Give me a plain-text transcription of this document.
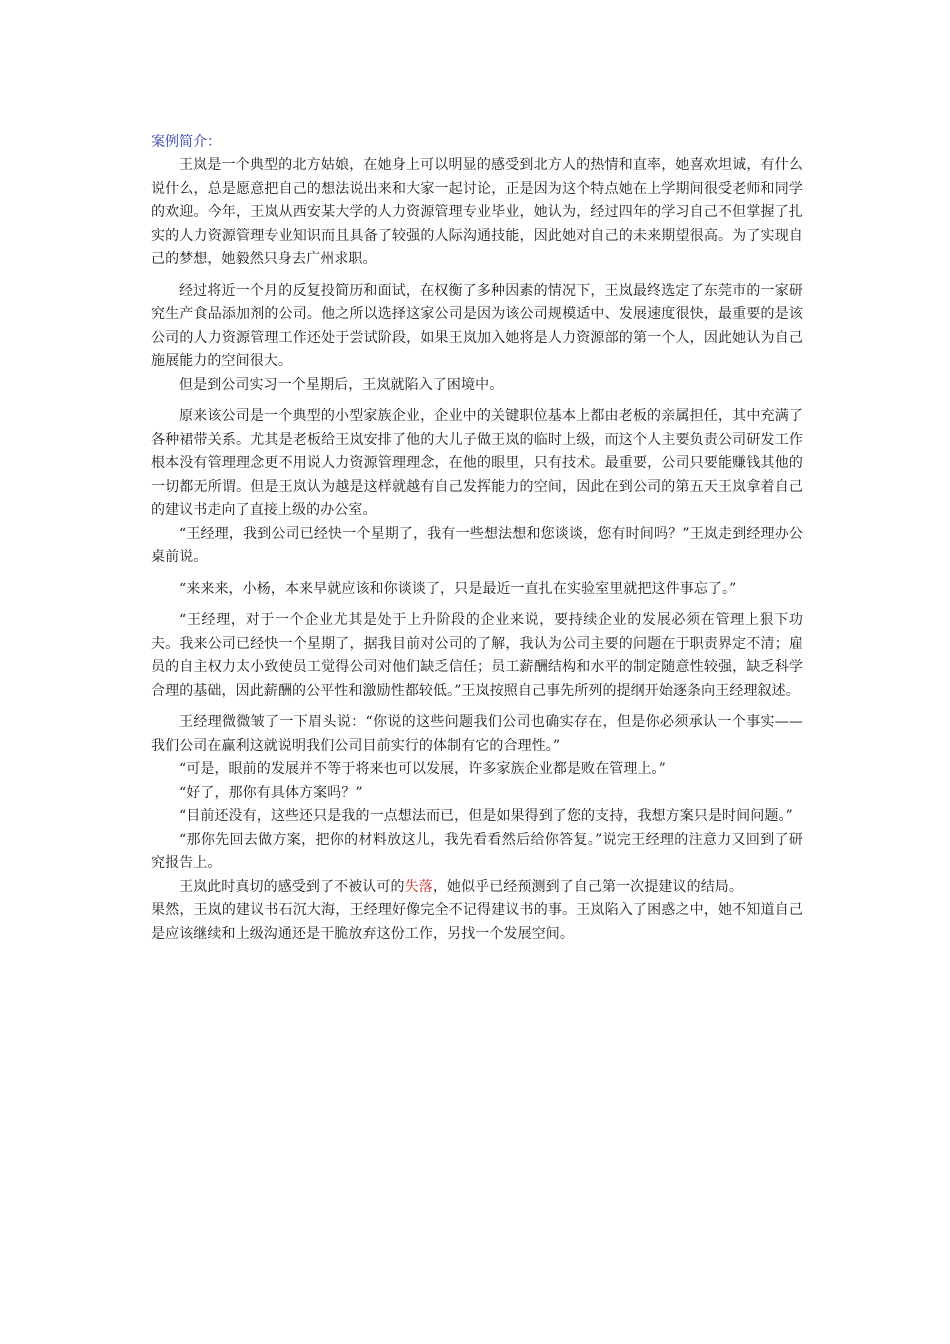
案例简介：

王岚是一个典型的北方姑娘，在她身上可以明显的感受到北方人的热情和直率，她喜欢坦诚，有什么说什么，总是愿意把自己的想法说出来和大家一起讨论，正是因为这个特点她在上学期间很受老师和同学的欢迎。今年，王岚从西安某大学的人力资源管理专业毕业，她认为，经过四年的学习自己不但掌握了扎实的人力资源管理专业知识而且具备了较强的人际沟通技能，因此她对自己的未来期望很高。为了实现自己的梦想，她毅然只身去广州求职。

经过将近一个月的反复投简历和面试，在权衡了多种因素的情况下，王岚最终选定了东莞市的一家研究生产食品添加剂的公司。他之所以选择这家公司是因为该公司规模适中、发展速度很快，最重要的是该公司的人力资源管理工作还处于尝试阶段，如果王岚加入她将是人力资源部的第一个人，因此她认为自己施展能力的空间很大。

但是到公司实习一个星期后，王岚就陷入了困境中。

原来该公司是一个典型的小型家族企业，企业中的关键职位基本上都由老板的亲属担任，其中充满了各种裙带关系。尤其是老板给王岚安排了他的大儿子做王岚的临时上级，而这个人主要负责公司研发工作根本没有管理理念更不用说人力资源管理理念，在他的眼里，只有技术。最重要，公司只要能赚钱其他的一切都无所谓。但是王岚认为越是这样就越有自己发挥能力的空间，因此在到公司的第五天王岚拿着自己的建议书走向了直接上级的办公室。

“王经理，我到公司已经快一个星期了，我有一些想法想和您谈谈，您有时间吗？”王岚走到经理办公桌前说。

“来来来，小杨，本来早就应该和你谈谈了，只是最近一直扎在实验室里就把这件事忘了。”

“王经理，对于一个企业尤其是处于上升阶段的企业来说，要持续企业的发展必须在管理上狠下功夫。我来公司已经快一个星期了，据我目前对公司的了解，我认为公司主要的问题在于职责界定不清；雇员的自主权力太小致使员工觉得公司对他们缺乏信任；员工薪酬结构和水平的制定随意性较强，缺乏科学合理的基础，因此薪酬的公平性和激励性都较低。”王岚按照自己事先所列的提纲开始逐条向王经理叙述。

王经理微微皱了一下眉头说：“你说的这些问题我们公司也确实存在，但是你必须承认一个事实——我们公司在赢利这就说明我们公司目前实行的体制有它的合理性。”

“可是，眼前的发展并不等于将来也可以发展，许多家族企业都是败在管理上。”

“好了，那你有具体方案吗？”

“目前还没有，这些还只是我的一点想法而已，但是如果得到了您的支持，我想方案只是时间问题。”

“那你先回去做方案，把你的材料放这儿，我先看看然后给你答复。”说完王经理的注意力又回到了研究报告上。

王岚此时真切的感受到了不被认可的失落，她似乎已经预测到了自己第一次提建议的结局。

果然，王岚的建议书石沉大海，王经理好像完全不记得建议书的事。王岚陷入了困惑之中，她不知道自己是应该继续和上级沟通还是干脆放弃这份工作，另找一个发展空间。
